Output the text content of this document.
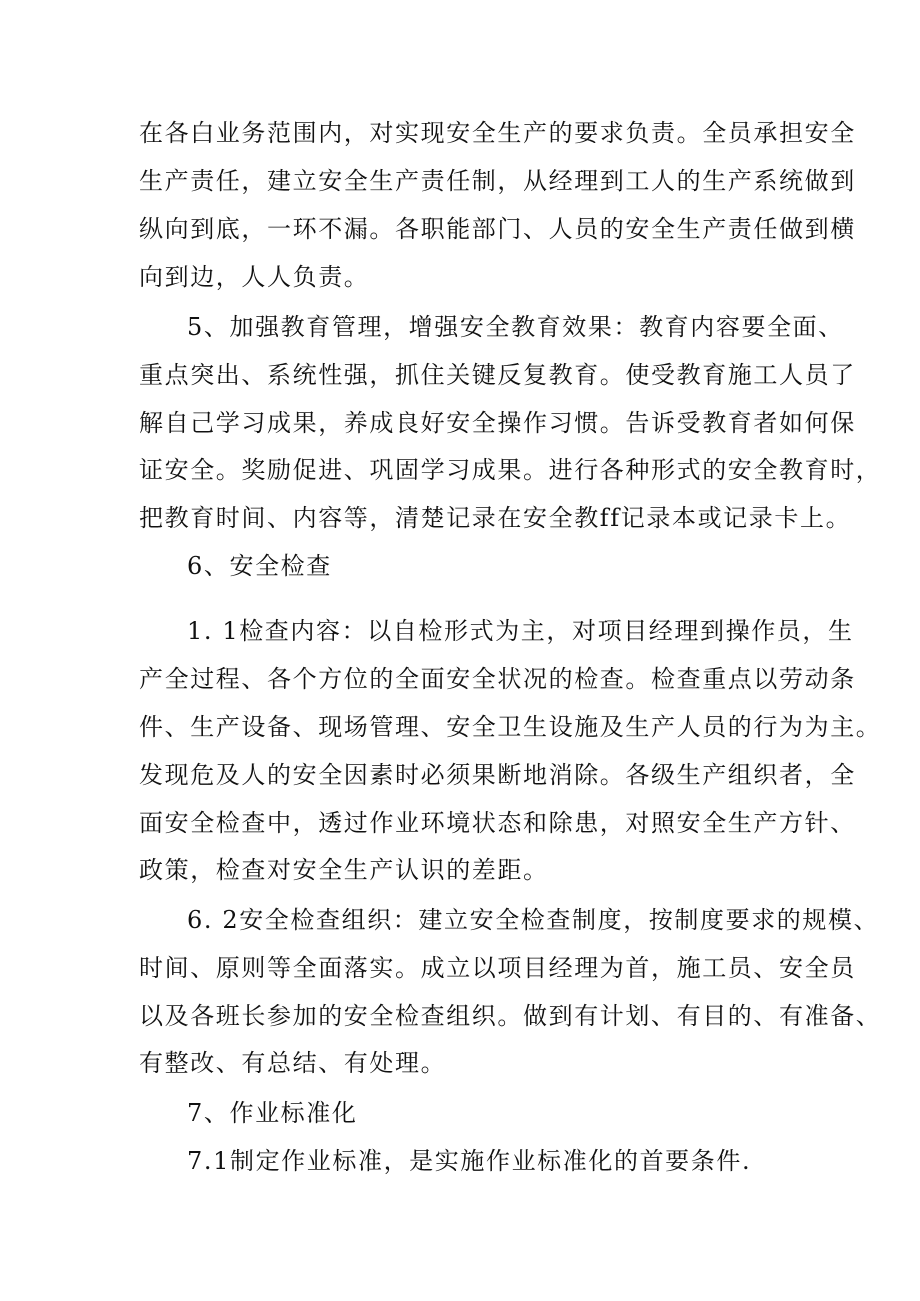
在各白业务范围内，对实现安全生产的要求负责。全员承担安全
生产责任，建立安全生产责任制，从经理到工人的生产系统做到
纵向到底，一环不漏。各职能部门、人员的安全生产责任做到横
向到边，人人负责。
5、加强教育管理，增强安全教育效果：教育内容要全面、
重点突出、系统性强，抓住关键反复教育。使受教育施工人员了
解自己学习成果，养成良好安全操作习惯。告诉受教育者如何保
证安全。奖励促进、巩固学习成果。进行各种形式的安全教育时，
把教育时间、内容等，清楚记录在安全教ff记录本或记录卡上。
6、安全检查
1. 1检查内容：以自检形式为主，对项目经理到操作员，生
产全过程、各个方位的全面安全状况的检查。检查重点以劳动条
件、生产设备、现场管理、安全卫生设施及生产人员的行为为主。
发现危及人的安全因素时必须果断地消除。各级生产组织者，全
面安全检查中，透过作业环境状态和除患，对照安全生产方针、
政策，检查对安全生产认识的差距。
6. 2安全检查组织：建立安全检查制度，按制度要求的规模、
时间、原则等全面落实。成立以项目经理为首，施工员、安全员
以及各班长参加的安全检查组织。做到有计划、有目的、有准备、
有整改、有总结、有处理。
7、作业标准化
7.1制定作业标准，是实施作业标准化的首要条件.
